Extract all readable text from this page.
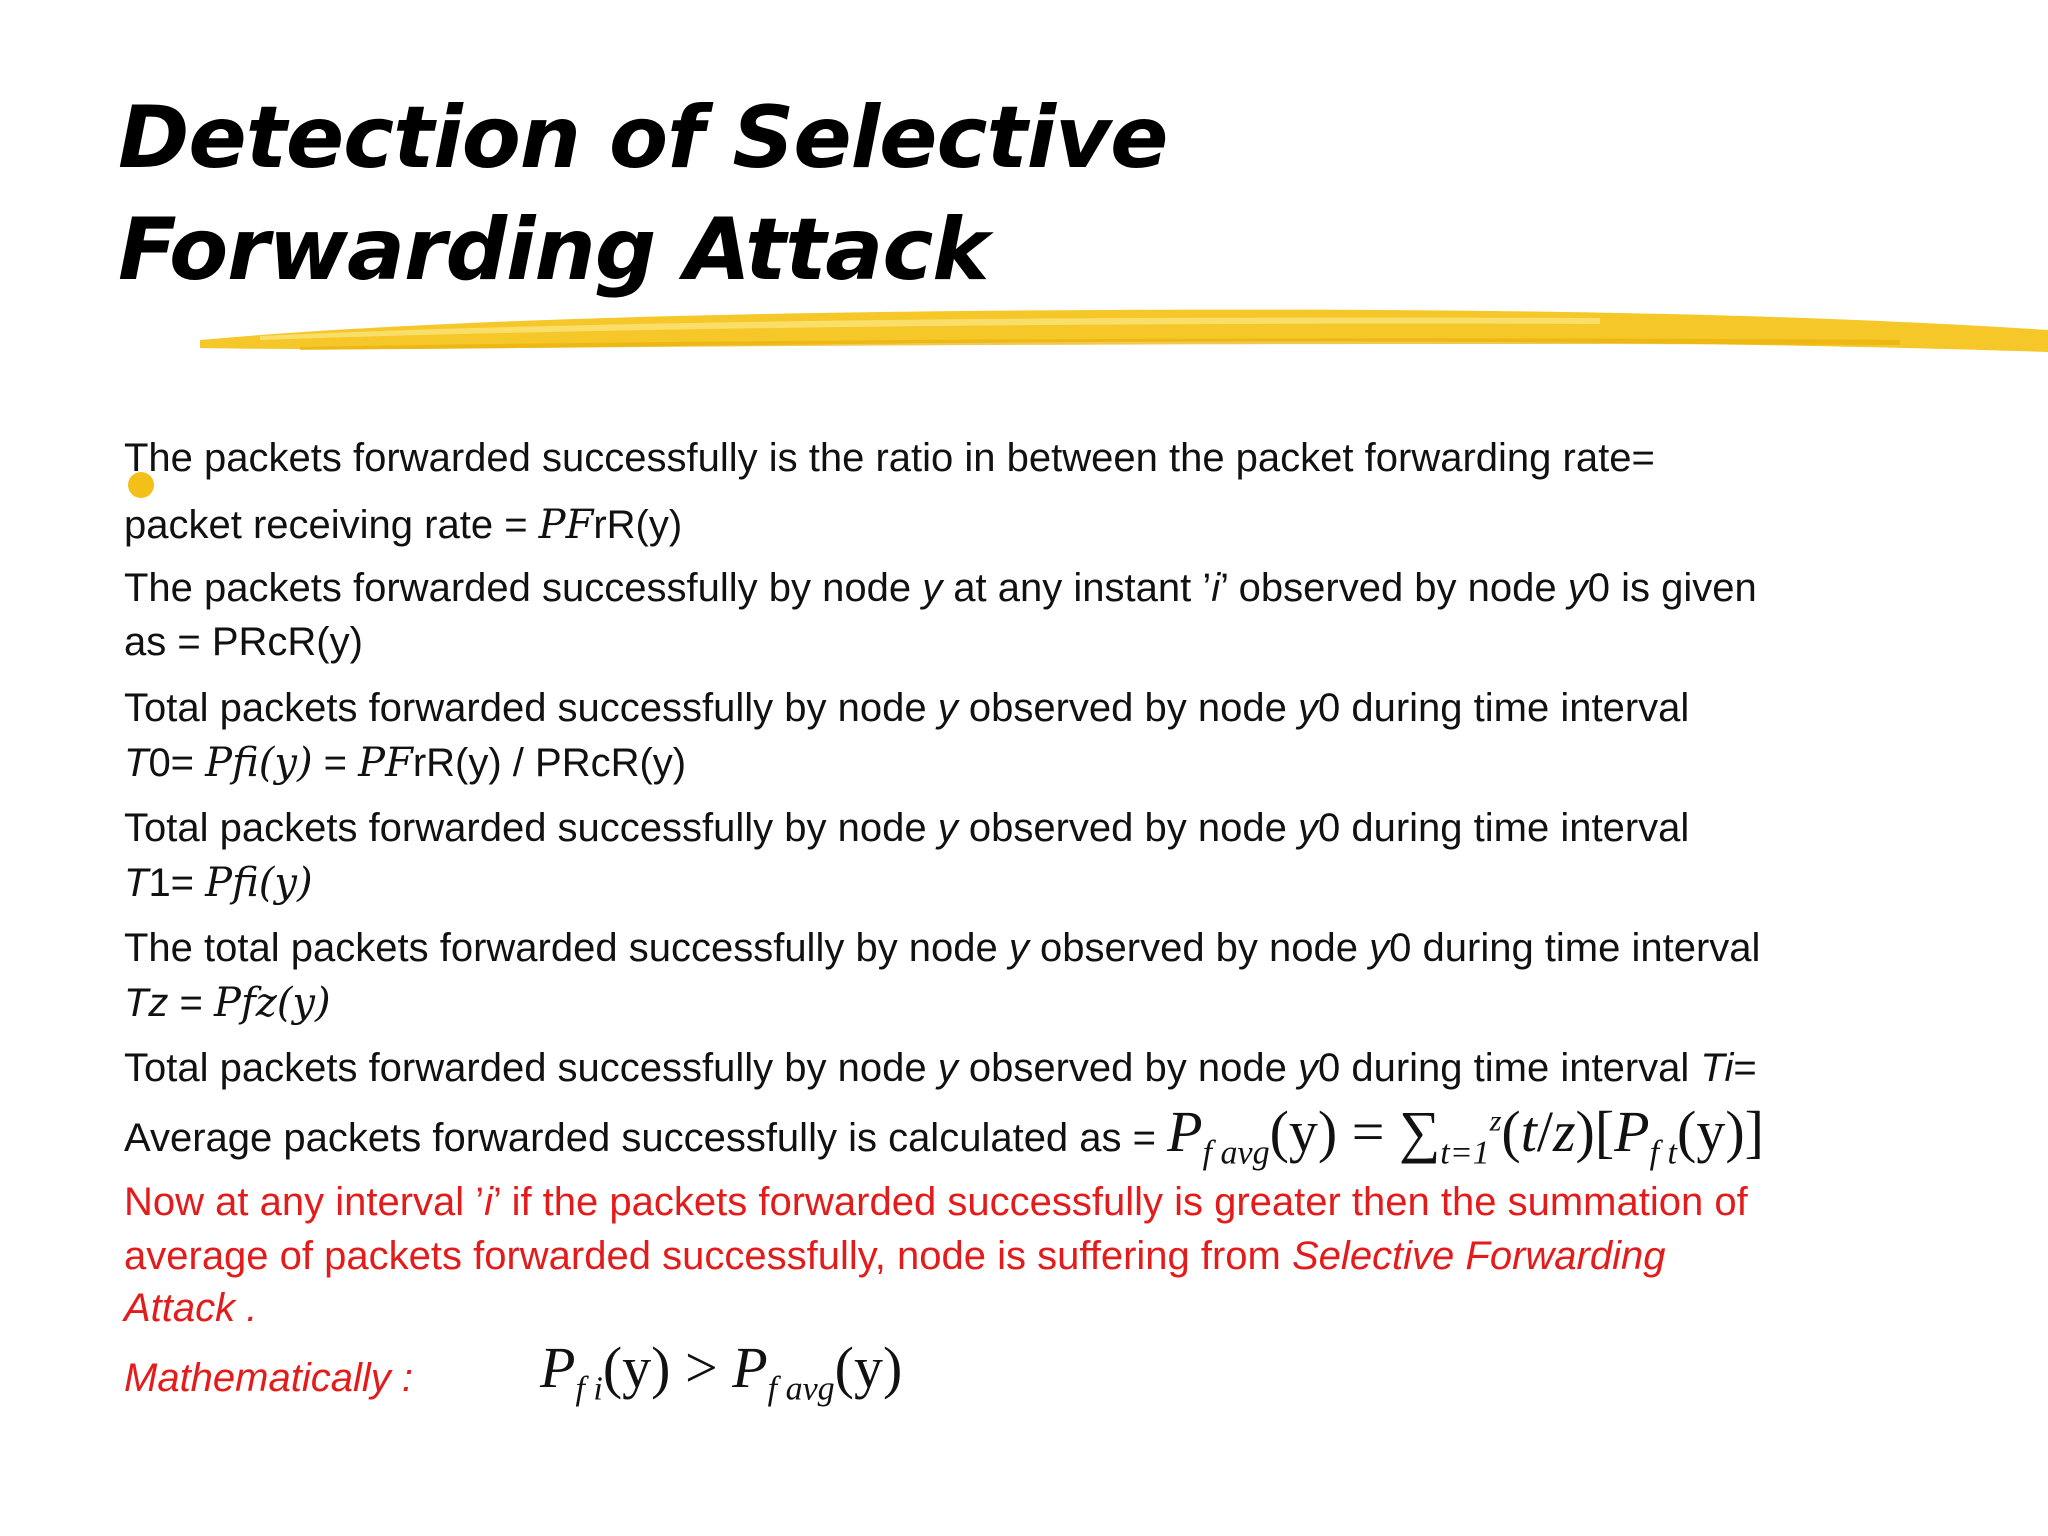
Detection of Selective
Forwarding Attack
The packets forwarded successfully is the ratio in between the packet forwarding rate=
packet receiving rate = PFrR(y)
The packets forwarded successfully by node y at any instant ’i’ observed by node y0 is given
as = PRcR(y)
Total packets forwarded successfully by node y observed by node y0 during time interval
T0= Pfi(y) = PFrR(y) / PRcR(y)
Total packets forwarded successfully by node y observed by node y0 during time interval
T1= Pfi(y)
The total packets forwarded successfully by node y observed by node y0 during time interval
Tz = Pfz(y)
Total packets forwarded successfully by node y observed by node y0 during time interval Ti=
Average packets forwarded successfully is calculated as = $P_{f avg}(y) = \sum_{t=1}^z(t/z)[P_{f t}(y)]$
Now at any interval ’i’ if the packets forwarded successfully is greater then the summation of
average of packets forwarded successfully, node is suffering from Selective Forwarding
Attack .
Mathematically : $P_{f i}(y) > P_{f avg}(y)$
